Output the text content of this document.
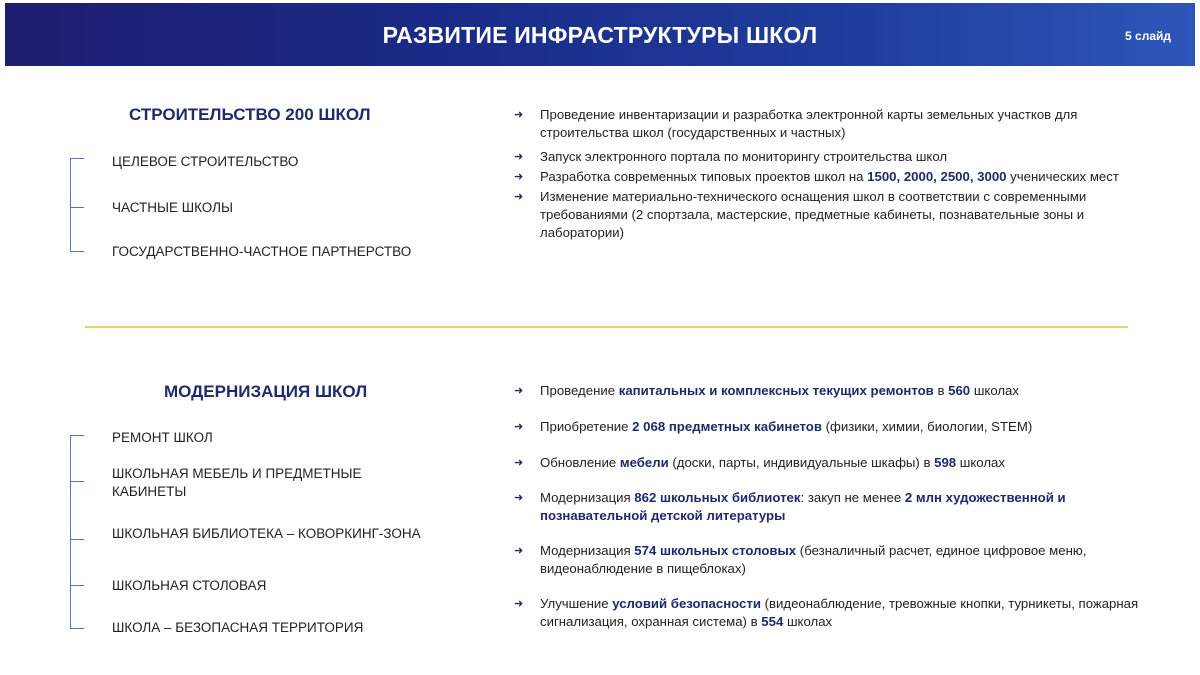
РАЗВИТИЕ ИНФРАСТРУКТУРЫ ШКОЛ	5 слайд
СТРОИТЕЛЬСТВО 200 ШКОЛ
ЦЕЛЕВОЕ СТРОИТЕЛЬСТВО
ЧАСТНЫЕ ШКОЛЫ
ГОСУДАРСТВЕННО-ЧАСТНОЕ ПАРТНЕРСТВО
➜ Проведение инвентаризации и разработка электронной карты земельных участков для строительства школ (государственных и частных)
➜ Запуск электронного портала по мониторингу строительства школ
➜ Разработка современных типовых проектов школ на 1500, 2000, 2500, 3000 ученических мест
➜ Изменение материально-технического оснащения школ в соответствии с современными требованиями (2 спортзала, мастерские, предметные кабинеты, познавательные зоны и лаборатории)
МОДЕРНИЗАЦИЯ ШКОЛ
РЕМОНТ ШКОЛ
ШКОЛЬНАЯ МЕБЕЛЬ И ПРЕДМЕТНЫЕ КАБИНЕТЫ
ШКОЛЬНАЯ БИБЛИОТЕКА – КОВОРКИНГ-ЗОНА
ШКОЛЬНАЯ СТОЛОВАЯ
ШКОЛА – БЕЗОПАСНАЯ ТЕРРИТОРИЯ
➜ Проведение капитальных и комплексных текущих ремонтов в 560 школах
➜ Приобретение 2 068 предметных кабинетов (физики, химии, биологии, STEM)
➜ Обновление мебели (доски, парты, индивидуальные шкафы) в 598 школах
➜ Модернизация 862 школьных библиотек: закуп не менее 2 млн художественной и познавательной детской литературы
➜ Модернизация 574 школьных столовых (безналичный расчет, единое цифровое меню, видеонаблюдение в пищеблоках)
➜ Улучшение условий безопасности (видеонаблюдение, тревожные кнопки, турникеты, пожарная сигнализация, охранная система) в 554 школах
